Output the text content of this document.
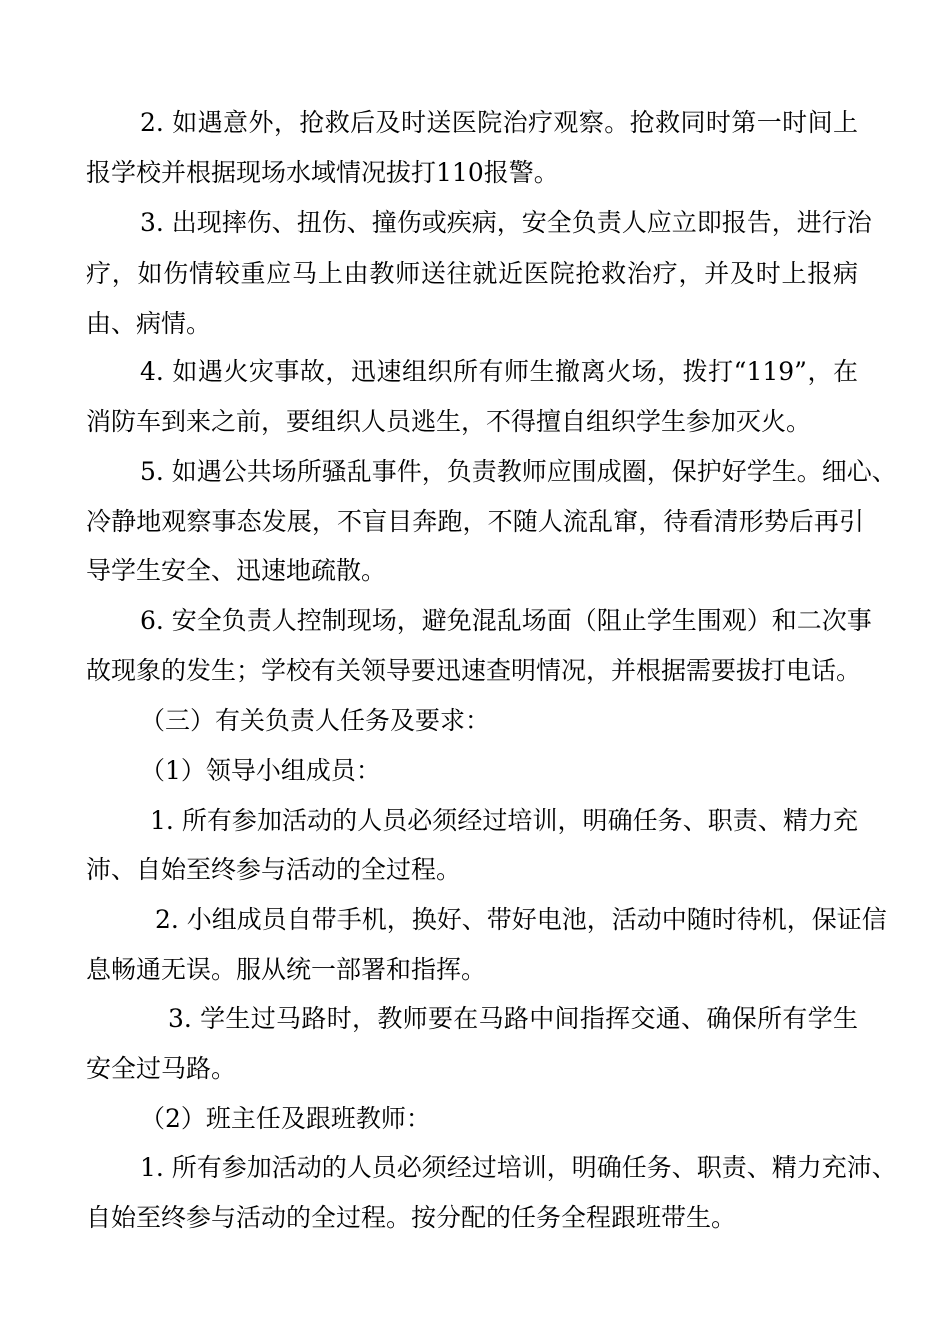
2. 如遇意外，抢救后及时送医院治疗观察。抢救同时第一时间上
报学校并根据现场水域情况拔打110报警。
3. 出现摔伤、扭伤、撞伤或疾病，安全负责人应立即报告，进行治
疗，如伤情较重应马上由教师送往就近医院抢救治疗，并及时上报病
由、病情。
4. 如遇火灾事故，迅速组织所有师生撤离火场，拨打“119”，在
消防车到来之前，要组织人员逃生，不得擅自组织学生参加灭火。
5. 如遇公共场所骚乱事件，负责教师应围成圈，保护好学生。细心、
冷静地观察事态发展，不盲目奔跑，不随人流乱窜，待看清形势后再引
导学生安全、迅速地疏散。
6. 安全负责人控制现场，避免混乱场面（阻止学生围观）和二次事
故现象的发生；学校有关领导要迅速查明情况，并根据需要拔打电话。
（三）有关负责人任务及要求：
（1）领导小组成员：
1. 所有参加活动的人员必须经过培训，明确任务、职责、精力充
沛、自始至终参与活动的全过程。
2. 小组成员自带手机，换好、带好电池，活动中随时待机，保证信
息畅通无误。服从统一部署和指挥。
3. 学生过马路时，教师要在马路中间指挥交通、确保所有学生
安全过马路。
（2）班主任及跟班教师：
1. 所有参加活动的人员必须经过培训，明确任务、职责、精力充沛、
自始至终参与活动的全过程。按分配的任务全程跟班带生。
